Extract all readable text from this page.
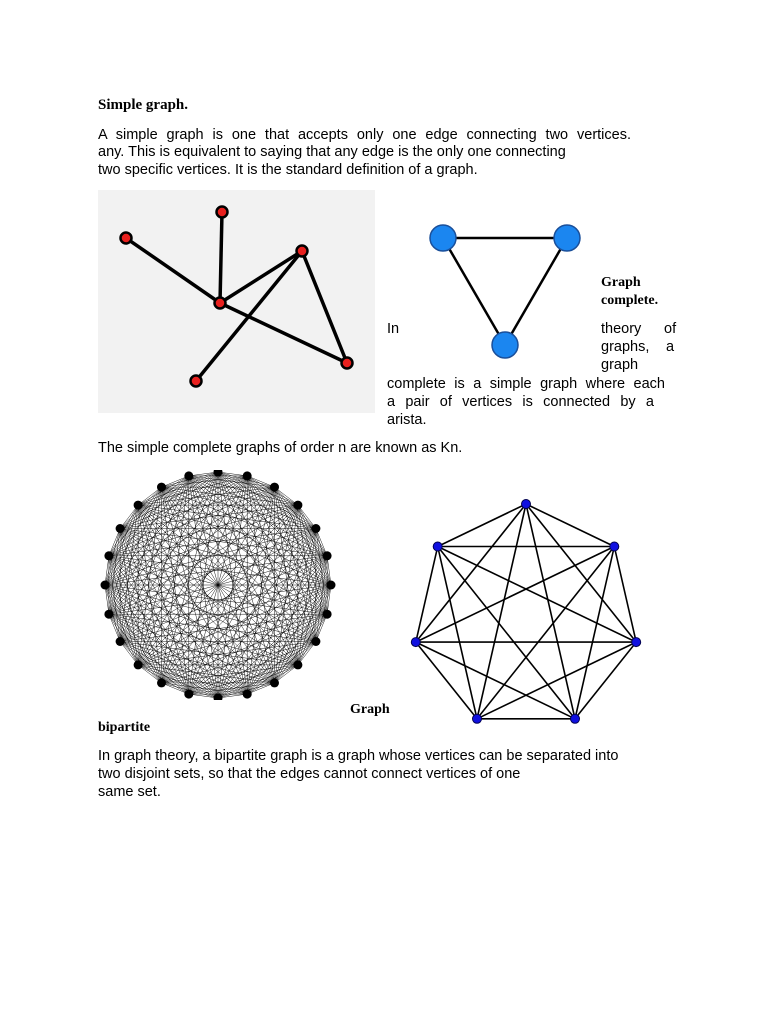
Simple graph.
A simple graph is one that accepts only one edge connecting two vertices.
any. This is equivalent to saying that any edge is the only one connecting
two specific vertices. It is the standard definition of a graph.
Graph
complete.
In	theory of
graphs, a
graph
complete is a simple graph where each
a pair of vertices is connected by a
arista.
The simple complete graphs of order n are known as Kn.
Graph
bipartite
In graph theory, a bipartite graph is a graph whose vertices can be separated into
two disjoint sets, so that the edges cannot connect vertices of one
same set.
